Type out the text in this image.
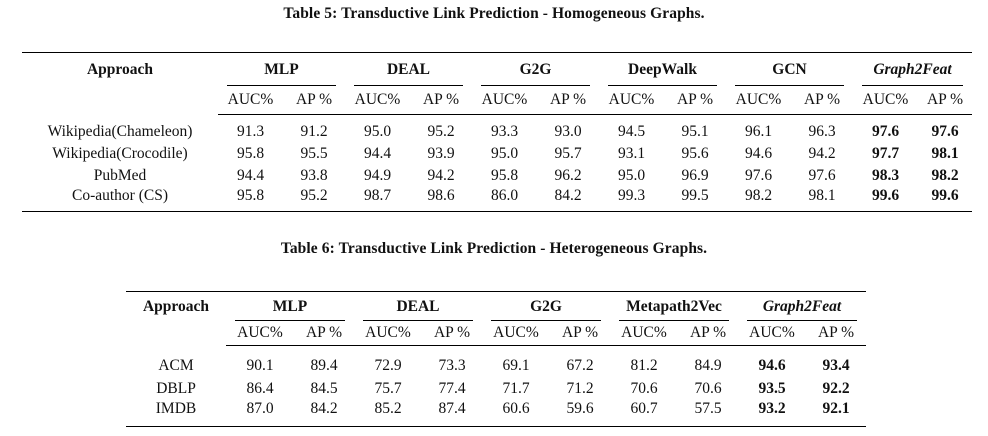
Table 5: Transductive Link Prediction - Homogeneous Graphs.
Approach	MLP		DEAL		G2G		DeepWalk		GCN		Graph2Feat	
	AUC%	AP %	AUC%	AP %	AUC%	AP %	AUC%	AP %	AUC%	AP %	AUC%	AP %

Wikipedia(Chameleon)	91.3	91.2	95.0	95.2	93.3	93.0	94.5	95.1	96.1	96.3	97.6	97.6
Wikipedia(Crocodile)	95.8	95.5	94.4	93.9	95.0	95.7	93.1	95.6	94.6	94.2	97.7	98.1
PubMed	94.4	93.8	94.9	94.2	95.8	96.2	95.0	96.9	97.6	97.6	98.3	98.2
Co-author (CS)	95.8	95.2	98.7	98.6	86.0	84.2	99.3	99.5	98.2	98.1	99.6	99.6
Table 6: Transductive Link Prediction - Heterogeneous Graphs.
Approach	MLP		DEAL		G2G		Metapath2Vec		Graph2Feat	
	AUC%	AP %	AUC%	AP %	AUC%	AP %	AUC%	AP %	AUC%	AP %

ACM	90.1	89.4	72.9	73.3	69.1	67.2	81.2	84.9	94.6	93.4
DBLP	86.4	84.5	75.7	77.4	71.7	71.2	70.6	70.6	93.5	92.2
IMDB	87.0	84.2	85.2	87.4	60.6	59.6	60.7	57.5	93.2	92.1
